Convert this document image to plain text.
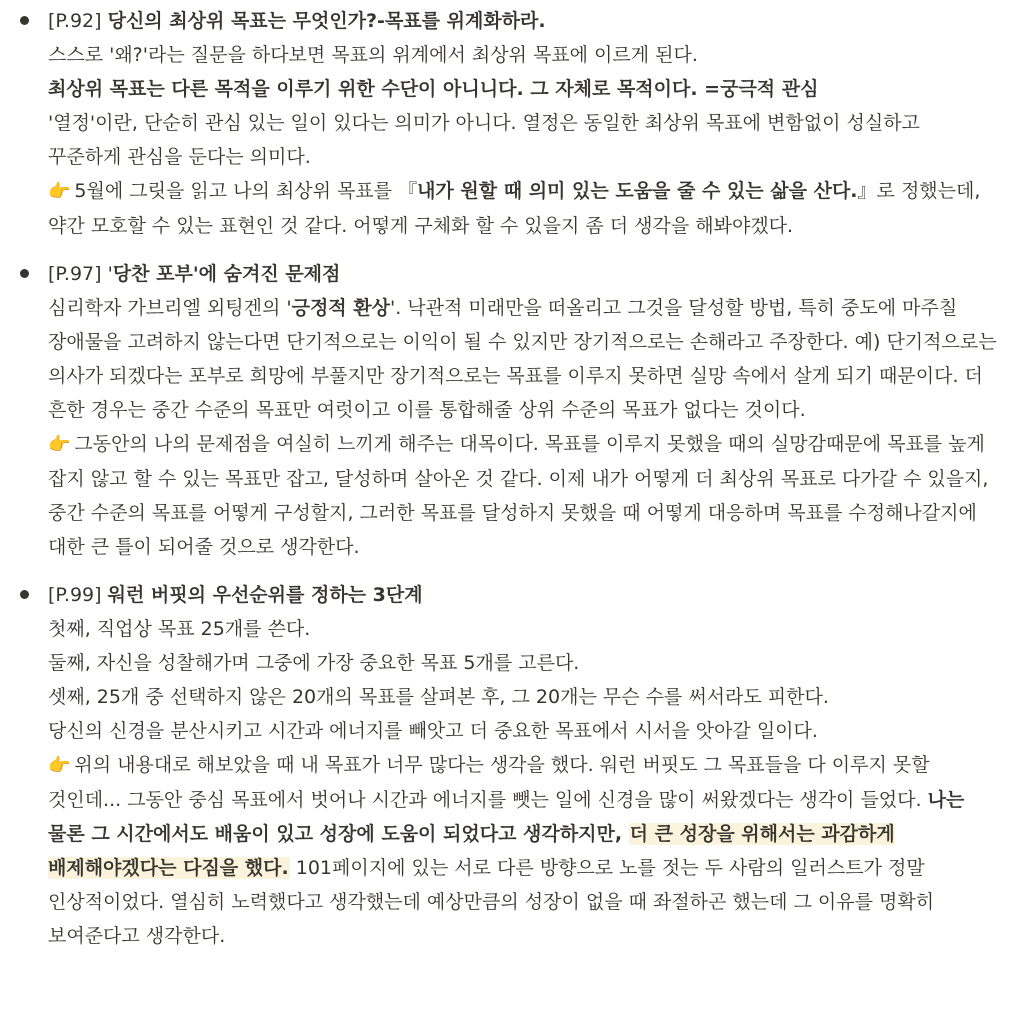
[P.92] 당신의 최상위 목표는 무엇인가?-목표를 위계화하라.
스스로 '왜?'라는 질문을 하다보면 목표의 위계에서 최상위 목표에 이르게 된다.
최상위 목표는 다른 목적을 이루기 위한 수단이 아니니다. 그 자체로 목적이다. =궁극적 관심
'열정'이란, 단순히 관심 있는 일이 있다는 의미가 아니다. 열정은 동일한 최상위 목표에 변함없이 성실하고 꾸준하게 관심을 둔다는 의미다.
👉 5월에 그릿을 읽고 나의 최상위 목표를 『내가 원할 때 의미 있는 도움을 줄 수 있는 삶을 산다.』로 정했는데, 약간 모호할 수 있는 표현인 것 같다. 어떻게 구체화 할 수 있을지 좀 더 생각을 해봐야겠다.
[P.97] '당찬 포부'에 숨겨진 문제점
심리학자 가브리엘 외팅겐의 '긍정적 환상'. 낙관적 미래만을 떠올리고 그것을 달성할 방법, 특히 중도에 마주칠 장애물을 고려하지 않는다면 단기적으로는 이익이 될 수 있지만 장기적으로는 손해라고 주장한다. 예) 단기적으로는 의사가 되겠다는 포부로 희망에 부풀지만 장기적으로는 목표를 이루지 못하면 실망 속에서 살게 되기 때문이다. 더 흔한 경우는 중간 수준의 목표만 여럿이고 이를 통합해줄 상위 수준의 목표가 없다는 것이다.
👉 그동안의 나의 문제점을 여실히 느끼게 해주는 대목이다. 목표를 이루지 못했을 때의 실망감때문에 목표를 높게 잡지 않고 할 수 있는 목표만 잡고, 달성하며 살아온 것 같다. 이제 내가 어떻게 더 최상위 목표로 다가갈 수 있을지, 중간 수준의 목표를 어떻게 구성할지, 그러한 목표를 달성하지 못했을 때 어떻게 대응하며 목표를 수정해나갈지에 대한 큰 틀이 되어줄 것으로 생각한다.
[P.99] 워런 버핏의 우선순위를 정하는 3단계
첫째, 직업상 목표 25개를 쓴다.
둘째, 자신을 성찰해가며 그중에 가장 중요한 목표 5개를 고른다.
셋째, 25개 중 선택하지 않은 20개의 목표를 살펴본 후, 그 20개는 무슨 수를 써서라도 피한다.
당신의 신경을 분산시키고 시간과 에너지를 빼앗고 더 중요한 목표에서 시서을 앗아갈 일이다.
👉 위의 내용대로 해보았을 때 내 목표가 너무 많다는 생각을 했다. 워런 버핏도 그 목표들을 다 이루지 못할 것인데... 그동안 중심 목표에서 벗어나 시간과 에너지를 뺏는 일에 신경을 많이 써왔겠다는 생각이 들었다. 나는 물론 그 시간에서도 배움이 있고 성장에 도움이 되었다고 생각하지만, 더 큰 성장을 위해서는 과감하게 배제해야겠다는 다짐을 했다. 101페이지에 있는 서로 다른 방향으로 노를 젓는 두 사람의 일러스트가 정말 인상적이었다. 열심히 노력했다고 생각했는데 예상만큼의 성장이 없을 때 좌절하곤 했는데 그 이유를 명확히 보여준다고 생각한다.
